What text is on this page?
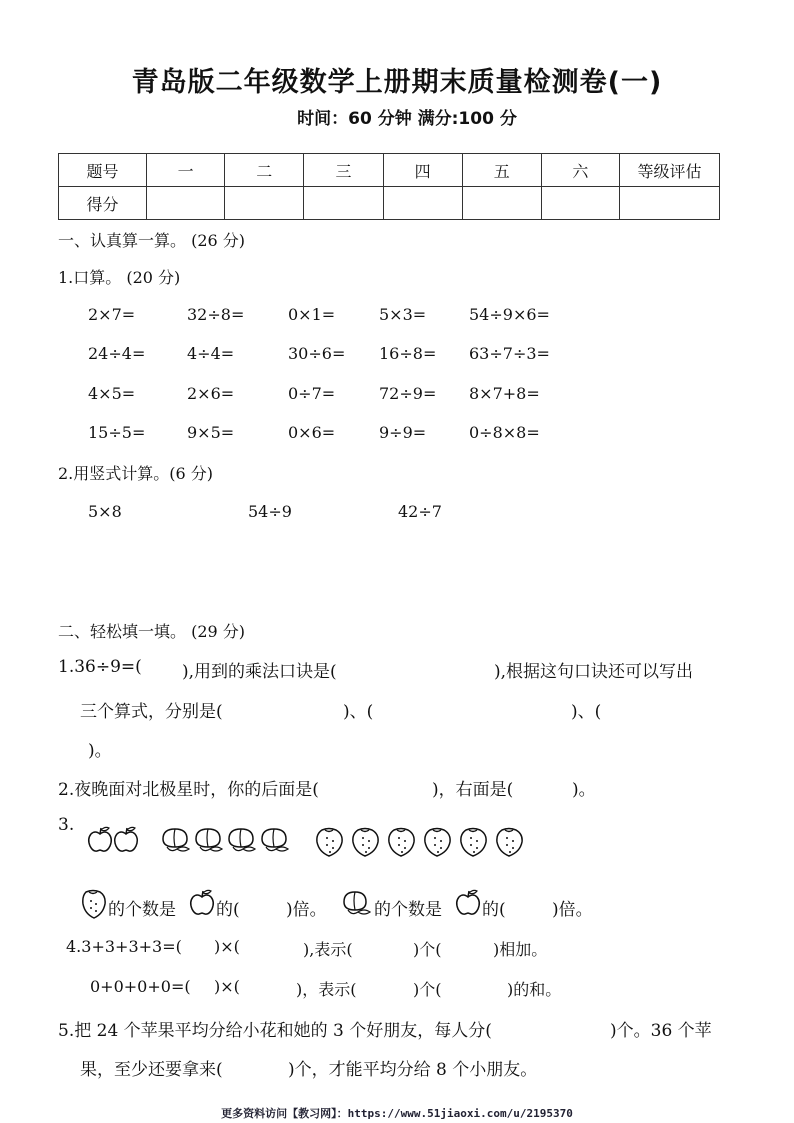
青岛版二年级数学上册期末质量检测卷(一)
时间：60 分钟 满分:100 分
题号	一	二	三	四	五	六	等级评估
得分							
一、认真算一算。 (26 分)
1.口算。 (20 分)
2×7=	32÷8=	0×1=	5×3=	54÷9×6=
24÷4=	4÷4=	30÷6= 16÷8= 63÷7÷3=
4×5=	2×6=	0÷7=	72÷9= 8×7+8=
15÷5=	9×5=	0×6=	9÷9=	0÷8×8=
2.用竖式计算。(6 分)
5×8	54÷9	42÷7
二、轻松填一填。 (29 分)
1.36÷9=( ),用到的乘法口诀是(	),根据这句口诀还可以写出
三个算式，分别是(	)、(	)、(
)。
2.夜晚面对北极星时，你的后面是(	)，右面是(	)。
3.
的个数是 的(	)倍。	的个数是 的(	)倍。
4.3+3+3+3=( )×(	),表示(	)个(	)相加。
0+0+0+0=( )×(	)，表示(	)个(	)的和。
5.把 24 个苹果平均分给小花和她的 3 个好朋友，每人分(	)个。36 个苹
果，至少还要拿来(	)个，才能平均分给 8 个小朋友。
更多资料访问【教习网】：https://www.51jiaoxi.com/u/2195370
